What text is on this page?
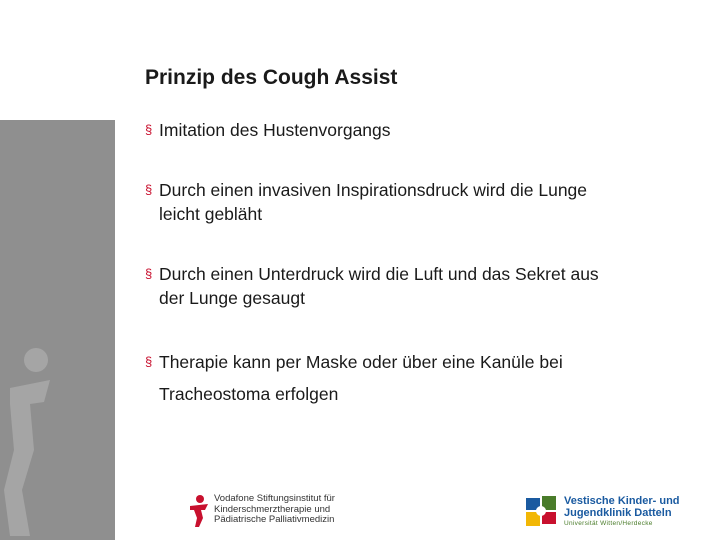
Prinzip des Cough Assist
§ Imitation des Hustenvorgangs
§ Durch einen invasiven Inspirationsdruck wird die Lunge
leicht gebläht
§ Durch einen Unterdruck wird die Luft und das Sekret aus
der Lunge gesaugt
§ Therapie kann per Maske oder über eine Kanüle bei
Tracheostoma erfolgen
Vodafone Stiftungsinstitut für
Kinderschmerztherapie und
Pädiatrische Palliativmedizin
Vestische Kinder- und
Jugendklinik Datteln
Universität Witten/Herdecke
